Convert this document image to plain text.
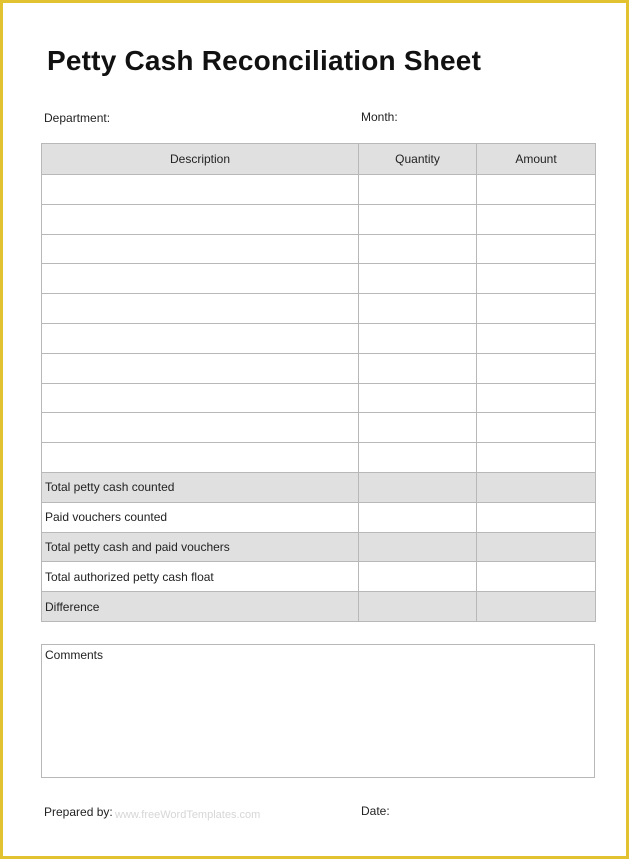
Petty Cash Reconciliation Sheet
Department:	Month:
Description	Quantity	Amount

Total petty cash counted		
Paid vouchers counted		
Total petty cash and paid vouchers		
Total authorized petty cash float		
Difference		
Comments
Prepared by:	Date:
www.freeWordTemplates.com
